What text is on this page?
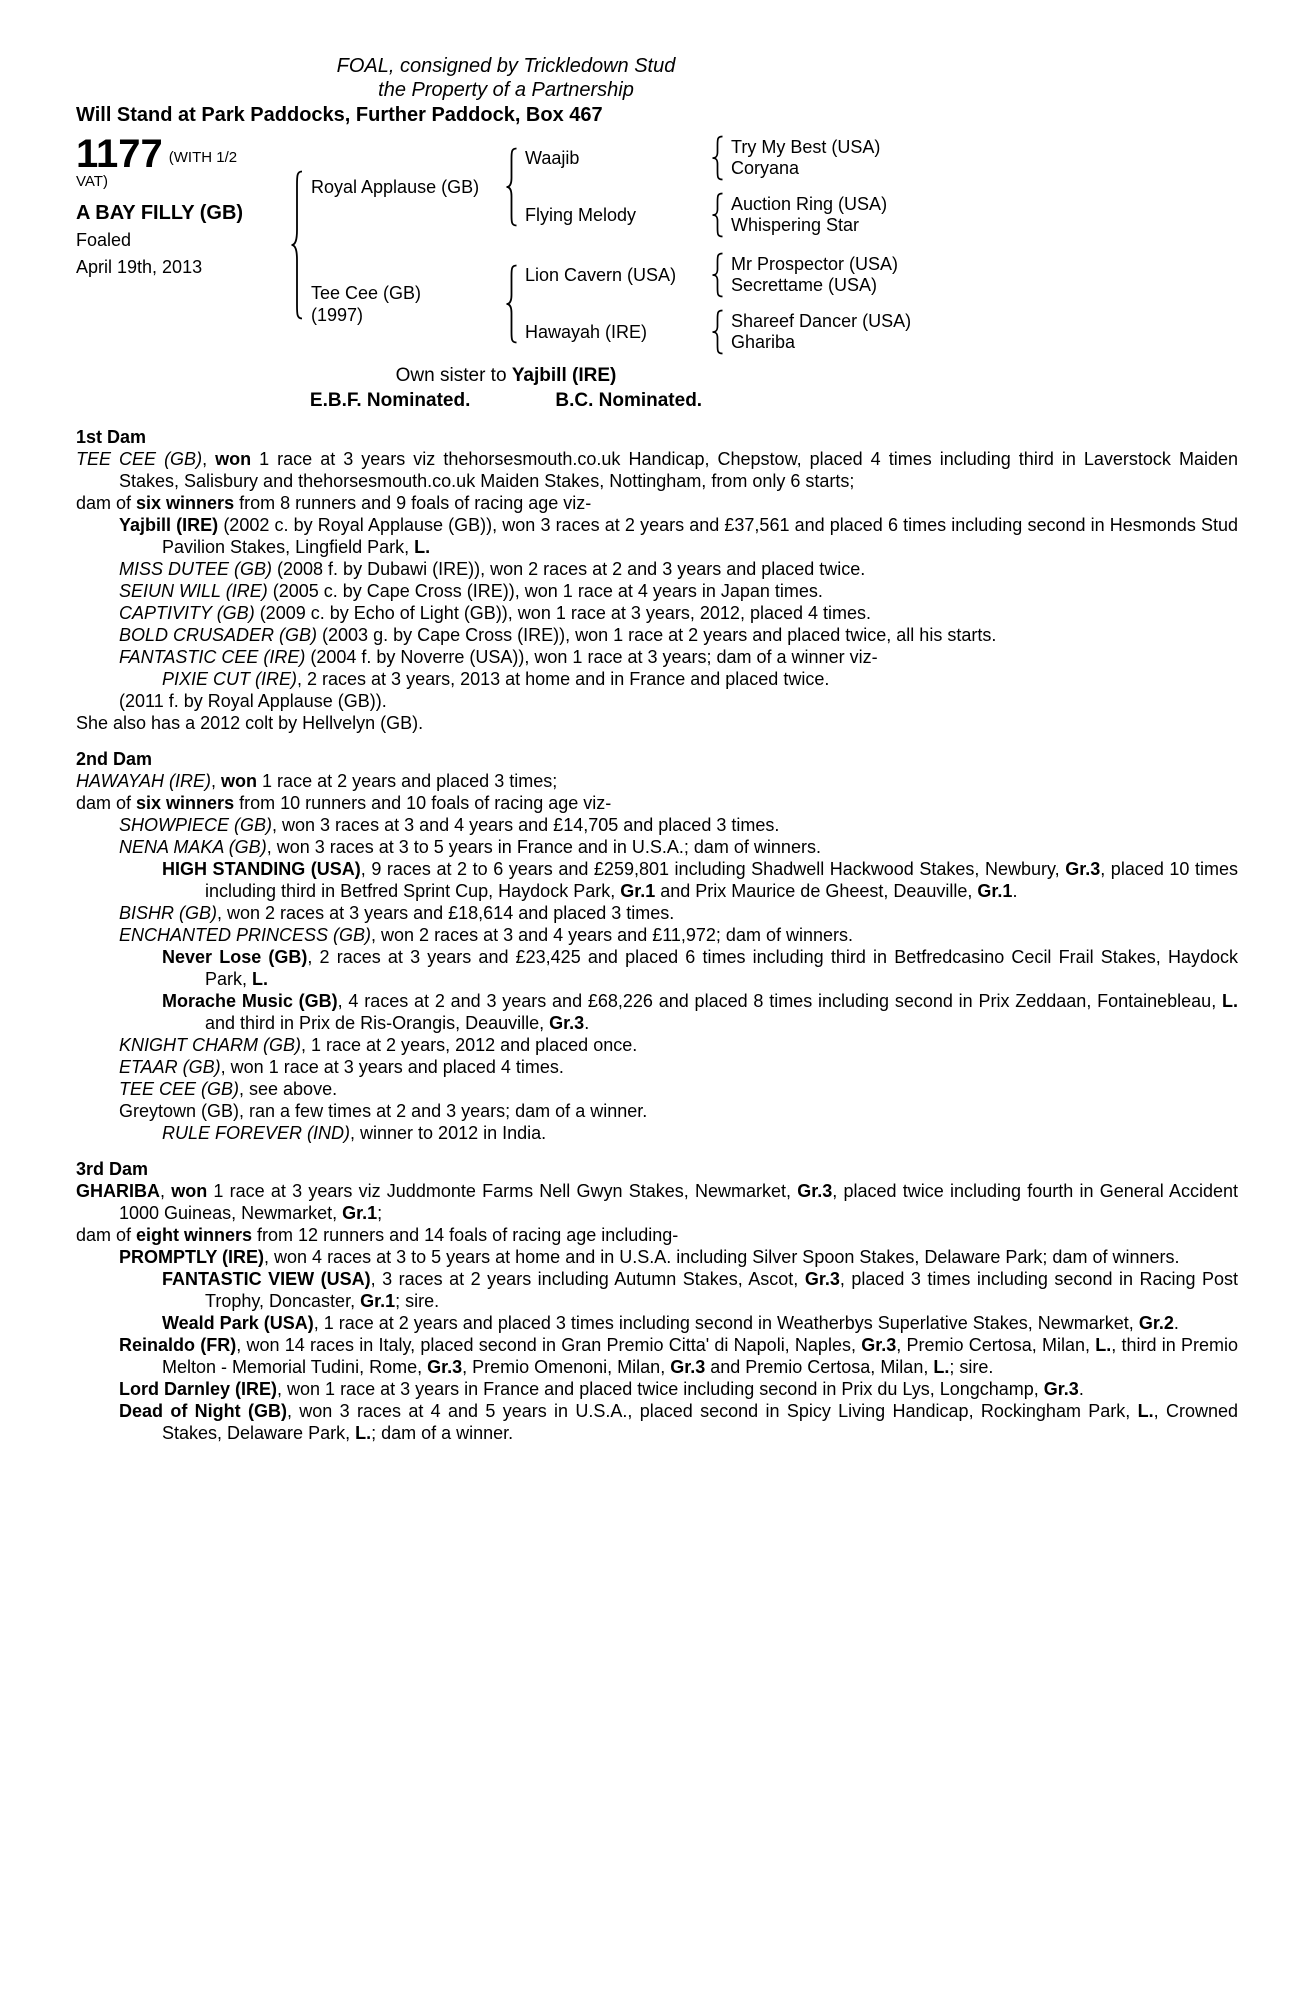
FOAL, consigned by Trickledown Stud
the Property of a Partnership
Will Stand at Park Paddocks, Further Paddock, Box 467
1177 (WITH 1/2
VAT)
A BAY FILLY (GB)
Foaled
April 19th, 2013
Royal Applause (GB)
Waajib
Try My Best (USA)
Coryana
Flying Melody
Auction Ring (USA)
Whispering Star
Tee Cee (GB)
(1997)
Lion Cavern (USA)
Mr Prospector (USA)
Secrettame (USA)
Hawayah (IRE)
Shareef Dancer (USA)
Ghariba
Own sister to Yajbill (IRE)
E.B.F. Nominated.	B.C. Nominated.
1st Dam

TEE CEE (GB), won 1 race at 3 years viz thehorsesmouth.co.uk Handicap, Chepstow, placed 4 times including third in Laverstock Maiden Stakes, Salisbury and thehorsesmouth.co.uk Maiden Stakes, Nottingham, from only 6 starts;

dam of six winners from 8 runners and 9 foals of racing age viz-

Yajbill (IRE) (2002 c. by Royal Applause (GB)), won 3 races at 2 years and £37,561 and placed 6 times including second in Hesmonds Stud Pavilion Stakes, Lingfield Park, L.

MISS DUTEE (GB) (2008 f. by Dubawi (IRE)), won 2 races at 2 and 3 years and placed twice.

SEIUN WILL (IRE) (2005 c. by Cape Cross (IRE)), won 1 race at 4 years in Japan times.

CAPTIVITY (GB) (2009 c. by Echo of Light (GB)), won 1 race at 3 years, 2012, placed 4 times.

BOLD CRUSADER (GB) (2003 g. by Cape Cross (IRE)), won 1 race at 2 years and placed twice, all his starts.

FANTASTIC CEE (IRE) (2004 f. by Noverre (USA)), won 1 race at 3 years; dam of a winner viz-

PIXIE CUT (IRE), 2 races at 3 years, 2013 at home and in France and placed twice.

(2011 f. by Royal Applause (GB)).

She also has a 2012 colt by Hellvelyn (GB).

2nd Dam

HAWAYAH (IRE), won 1 race at 2 years and placed 3 times;

dam of six winners from 10 runners and 10 foals of racing age viz-

SHOWPIECE (GB), won 3 races at 3 and 4 years and £14,705 and placed 3 times.

NENA MAKA (GB), won 3 races at 3 to 5 years in France and in U.S.A.; dam of winners.

HIGH STANDING (USA), 9 races at 2 to 6 years and £259,801 including Shadwell Hackwood Stakes, Newbury, Gr.3, placed 10 times including third in Betfred Sprint Cup, Haydock Park, Gr.1 and Prix Maurice de Gheest, Deauville, Gr.1.

BISHR (GB), won 2 races at 3 years and £18,614 and placed 3 times.

ENCHANTED PRINCESS (GB), won 2 races at 3 and 4 years and £11,972; dam of winners.

Never Lose (GB), 2 races at 3 years and £23,425 and placed 6 times including third in Betfredcasino Cecil Frail Stakes, Haydock Park, L.

Morache Music (GB), 4 races at 2 and 3 years and £68,226 and placed 8 times including second in Prix Zeddaan, Fontainebleau, L. and third in Prix de Ris-Orangis, Deauville, Gr.3.

KNIGHT CHARM (GB), 1 race at 2 years, 2012 and placed once.

ETAAR (GB), won 1 race at 3 years and placed 4 times.

TEE CEE (GB), see above.

Greytown (GB), ran a few times at 2 and 3 years; dam of a winner.

RULE FOREVER (IND), winner to 2012 in India.

3rd Dam

GHARIBA, won 1 race at 3 years viz Juddmonte Farms Nell Gwyn Stakes, Newmarket, Gr.3, placed twice including fourth in General Accident 1000 Guineas, Newmarket, Gr.1;

dam of eight winners from 12 runners and 14 foals of racing age including-

PROMPTLY (IRE), won 4 races at 3 to 5 years at home and in U.S.A. including Silver Spoon Stakes, Delaware Park; dam of winners.

FANTASTIC VIEW (USA), 3 races at 2 years including Autumn Stakes, Ascot, Gr.3, placed 3 times including second in Racing Post Trophy, Doncaster, Gr.1; sire.

Weald Park (USA), 1 race at 2 years and placed 3 times including second in Weatherbys Superlative Stakes, Newmarket, Gr.2.

Reinaldo (FR), won 14 races in Italy, placed second in Gran Premio Citta' di Napoli, Naples, Gr.3, Premio Certosa, Milan, L., third in Premio Melton - Memorial Tudini, Rome, Gr.3, Premio Omenoni, Milan, Gr.3 and Premio Certosa, Milan, L.; sire.

Lord Darnley (IRE), won 1 race at 3 years in France and placed twice including second in Prix du Lys, Longchamp, Gr.3.

Dead of Night (GB), won 3 races at 4 and 5 years in U.S.A., placed second in Spicy Living Handicap, Rockingham Park, L., Crowned Stakes, Delaware Park, L.; dam of a winner.
